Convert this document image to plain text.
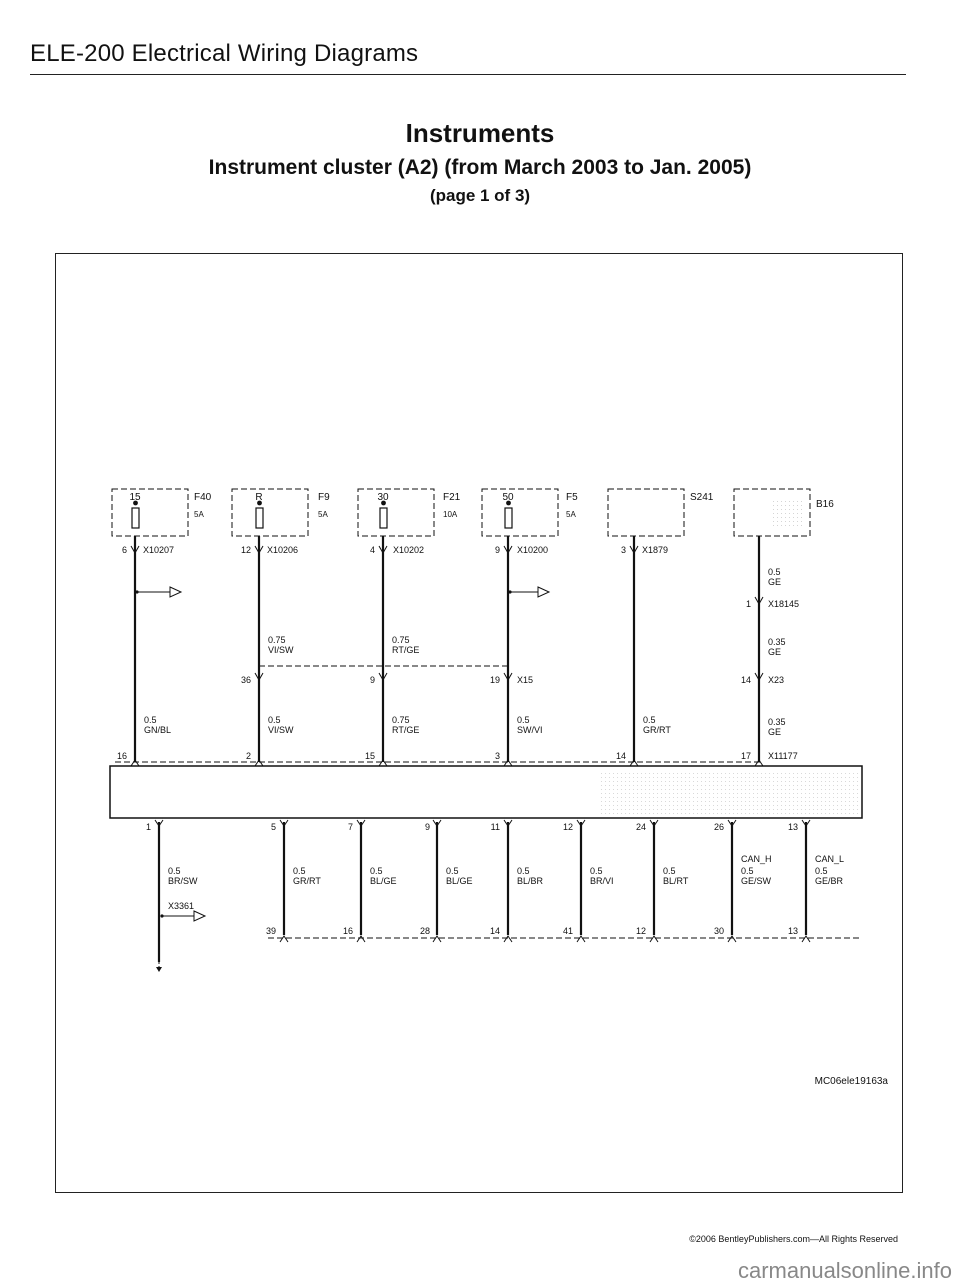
ELE-200 Electrical Wiring Diagrams
Instruments
Instrument cluster (A2) (from March 2003 to Jan. 2005)
(page 1 of 3)
15	F40
5A
R	F9
5A
30	F21
10A
50	F5
5A
S241
B16
6 X10207	12 X10206	4 X10202	9 X10200	3 X1879
0.5
GE
1 X18145
0.35
GE
14 X23
0.35
GE
0.75
VI/SW
0.75
RT/GE
36	9	19 X15
0.5
GN/BL
0.5
VI/SW
0.75
RT/GE
0.5
SW/VI
0.5
GR/RT
16	2	15	3	14	17 X11177
1	5	7	9	11	12	24	26	13
CAN_H	CAN_L
0.5
BR/SW
0.5
GR/RT
0.5
BL/GE
0.5
BL/GE
0.5
BL/BR
0.5
BR/VI
0.5
BL/RT
0.5
GE/SW
0.5
GE/BR
X3361
39	16	28	14	41	12	30	13
MC06ele19163a
©2006 BentleyPublishers.com—All Rights Reserved
carmanualsonline.info
